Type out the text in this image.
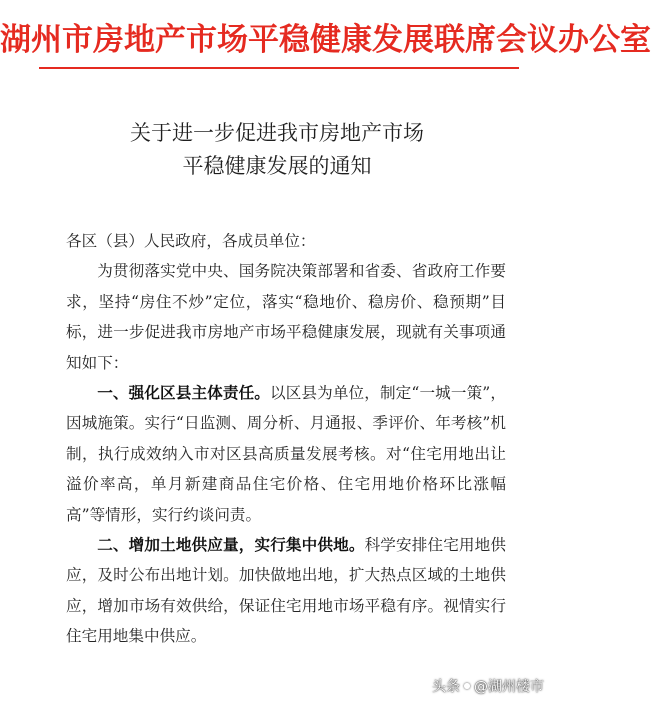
湖州市房地产市场平稳健康发展联席会议办公室
关于进一步促进我市房地产市场
平稳健康发展的通知

各区（县）人民政府，各成员单位：

为贯彻落实党中央、国务院决策部署和省委、省政府工作要求，坚持“房住不炒”定位，落实“稳地价、稳房价、稳预期”目标，进一步促进我市房地产市场平稳健康发展，现就有关事项通知如下：

一、强化区县主体责任。以区县为单位，制定“一城一策”，因城施策。实行“日监测、周分析、月通报、季评价、年考核”机制，执行成效纳入市对区县高质量发展考核。对“住宅用地出让溢价率高，单月新建商品住宅价格、住宅用地价格环比涨幅高”等情形，实行约谈问责。

二、增加土地供应量，实行集中供地。科学安排住宅用地供应，及时公布出地计划。加快做地出地，扩大热点区域的土地供应，增加市场有效供给，保证住宅用地市场平稳有序。视情实行住宅用地集中供应。

头条 @湖州楼市
